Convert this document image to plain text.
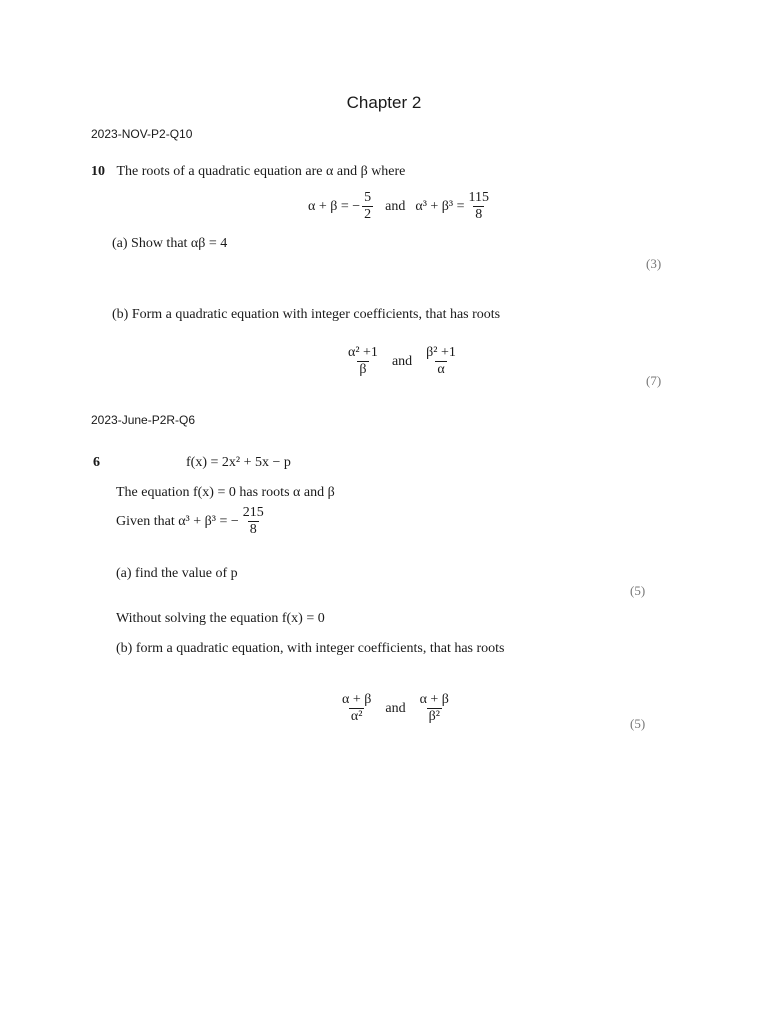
Chapter 2
2023-NOV-P2-Q10
10 The roots of a quadratic equation are α and β where
α + β = − $\frac{5}{2}$ and $\alpha^3 + \beta^3 = \frac{115}{8}$
(a) Show that αβ = 4
(3)
(b) Form a quadratic equation with integer coefficients, that has roots
$\frac{\text{α² +1}}{\beta}$ and $\frac{\text{β² +1}}{\alpha}$
(7)
2023-June-P2R-Q6
6	f(x) = 2x² + 5x − p
The equation f(x) = 0 has roots α and β
Given that α³ + β³ = − $\frac{215}{8}$
(a) find the value of p
(5)
Without solving the equation f(x) = 0
(b) form a quadratic equation, with integer coefficients, that has roots
$\frac{\alpha + \beta}{\text{α²}}$ and $\frac{\alpha + \beta}{\text{β²}}$	(5)
